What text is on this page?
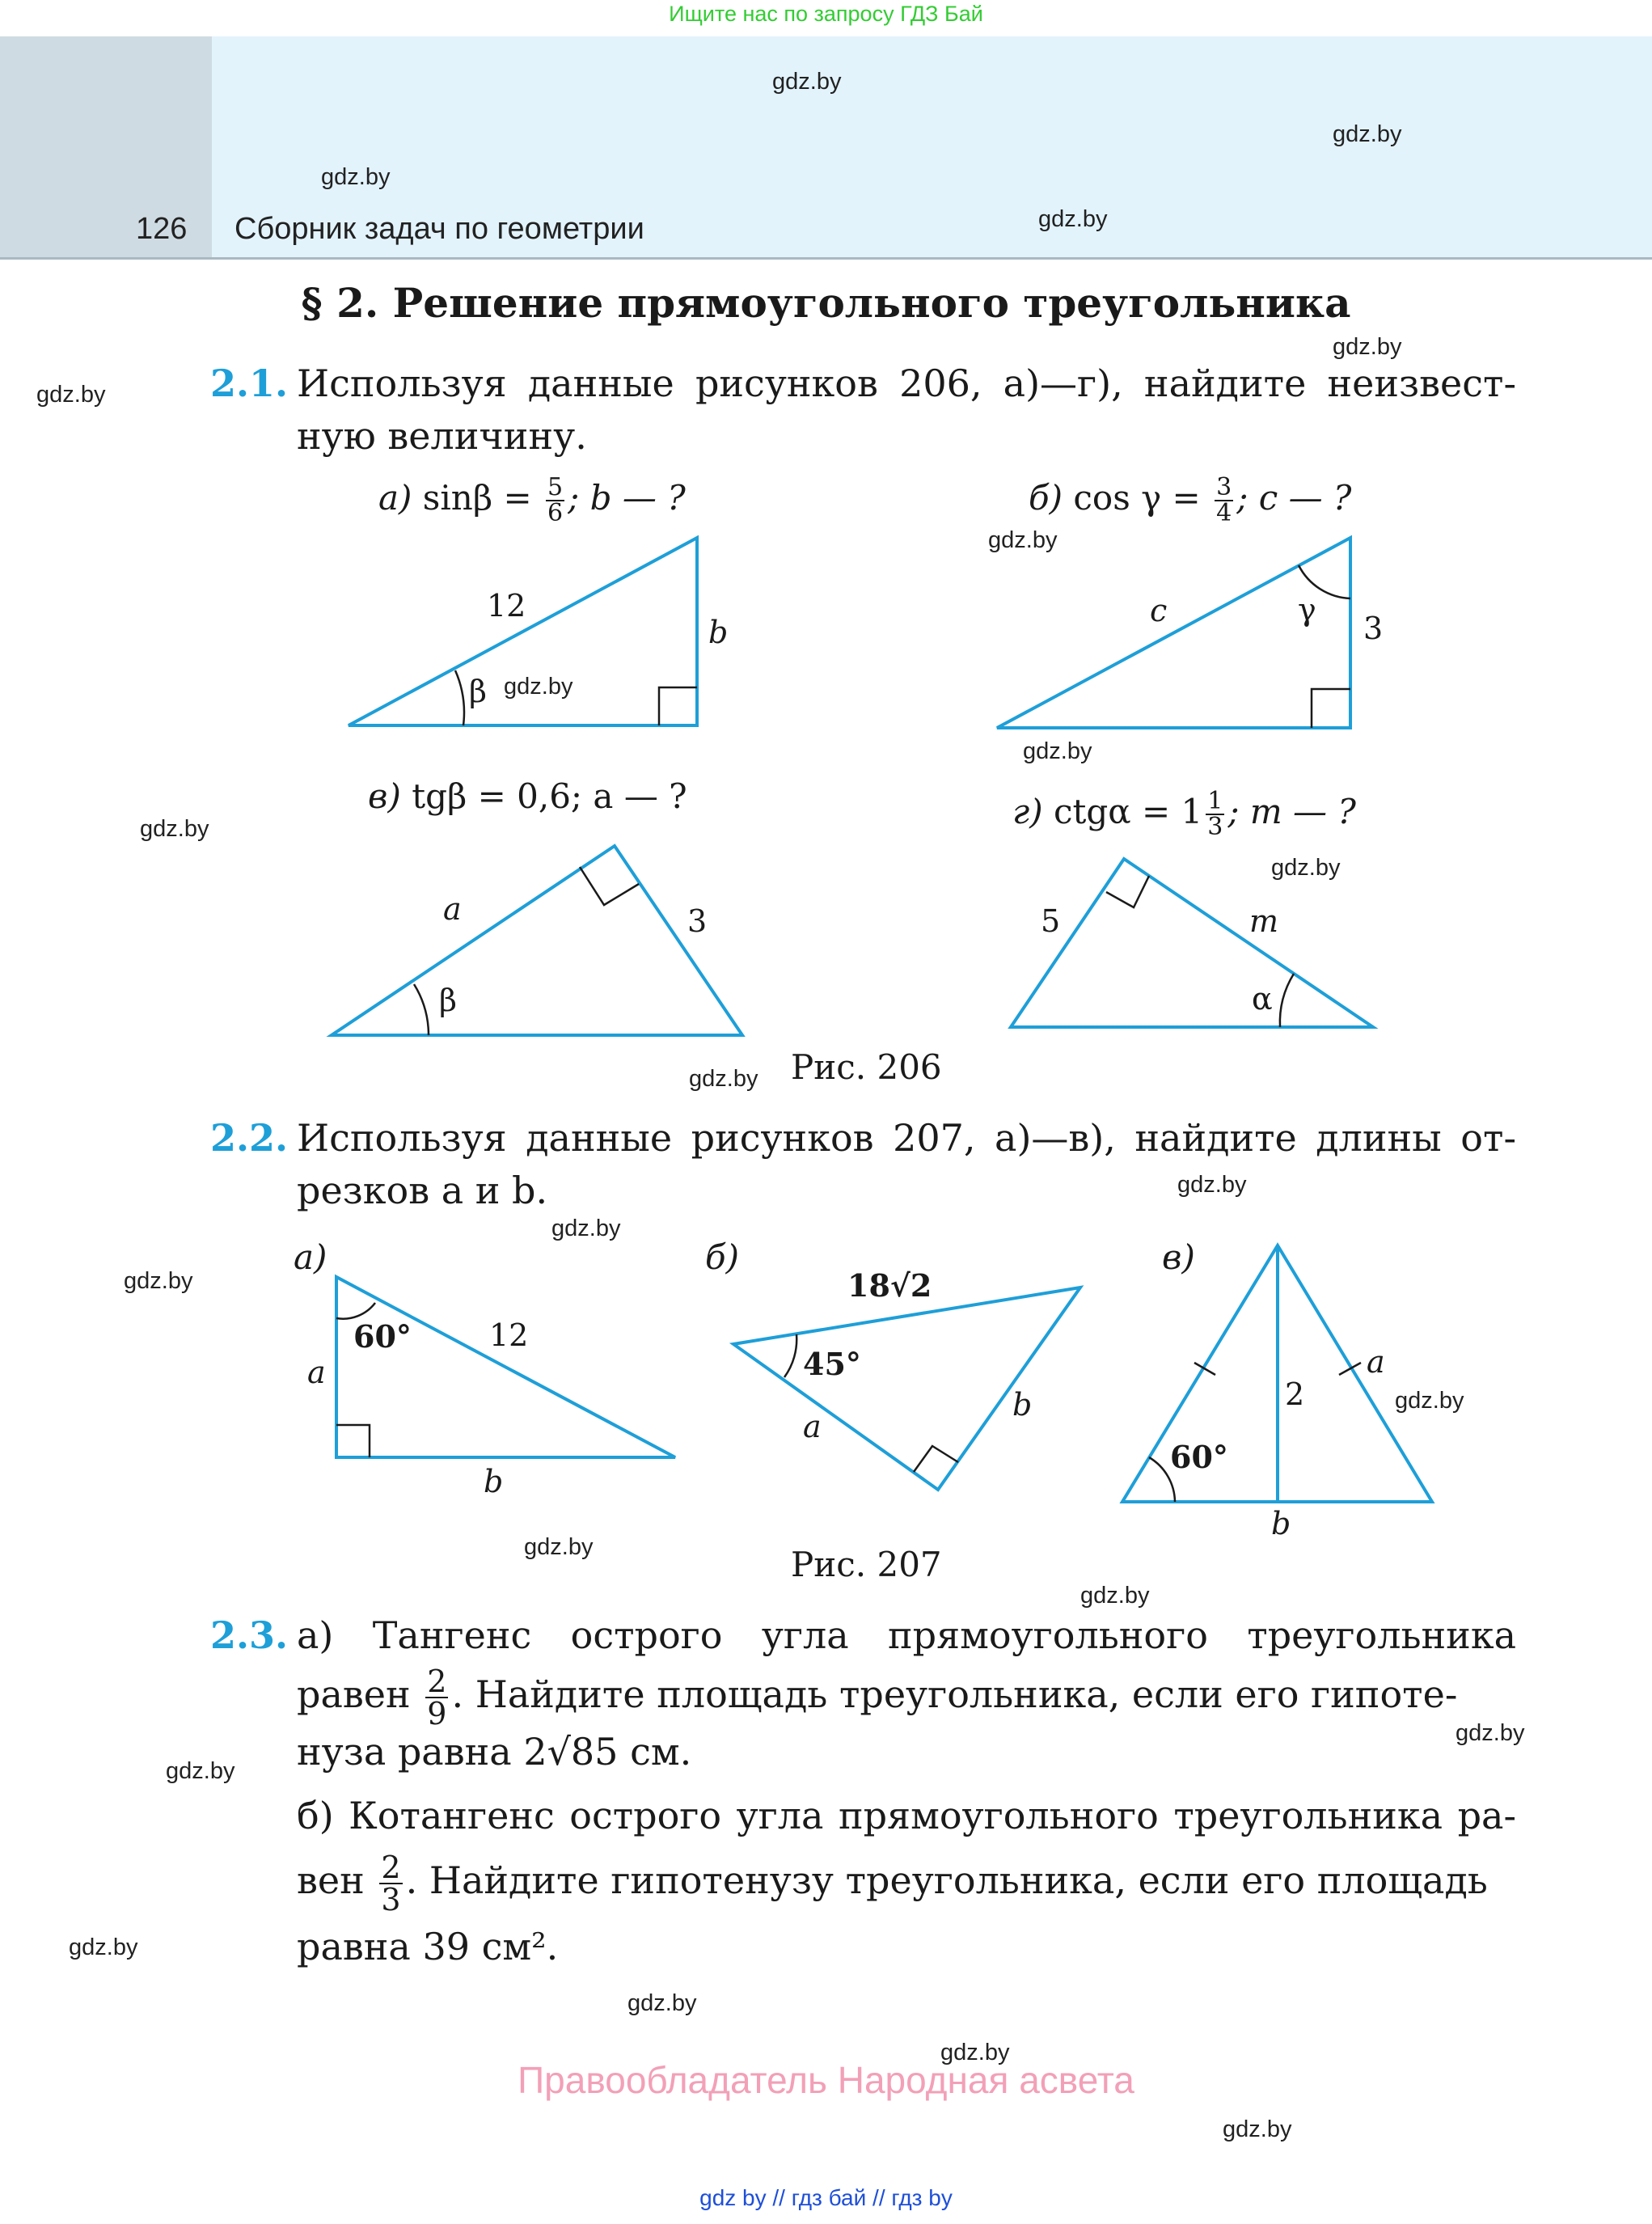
Ищите нас по запросу ГДЗ Бай
126 Сборник задач по геометрии
gdz.by
gdz.by
gdz.by
gdz.by
gdz.by
gdz.by
gdz.by
gdz.by
gdz.by
gdz.by
gdz.by
gdz.by
gdz.by
gdz.by
gdz.by
gdz.by
gdz.by
gdz.by
gdz.by
gdz.by
gdz.by
gdz.by
gdz.by
gdz.by
§ 2. Решение прямоугольного треугольника
2.1. Используя данные рисунков 206, а)—г), найдите неизвест-
ную величину.
а) $\sin\beta = \frac{5}{6}$ ; b — ?	б) $\cos \gamma = \frac{3}{4}$ ; c — ?
в) tgβ = 0,6; a — ?	г) $ctg\alpha = 1 \frac{1}{3}$ ; m — ?
12
b
β
c	3
γ
a	3
β
5	m
α
60°	12
a
b
18√2
45°
a
b
a
2
b
60°
а)	б)	в)
Рис. 206
2.2. Используя данные рисунков 207, а)—в), найдите длины от-
резков a и b.
Рис. 207
2.3. а) Тангенс острого угла прямоугольного треугольника
равен $\frac{2}{9}$ . Найдите площадь треугольника, если его гипоте-
нуза равна 2√85 см.
б) Котангенс острого угла прямоугольного треугольника ра-
вен $\frac{2}{3}$ . Найдите гипотенузу треугольника, если его площадь
равна 39 см².
Правообладатель Народная асвета
gdz by // гдз бай // гдз by
